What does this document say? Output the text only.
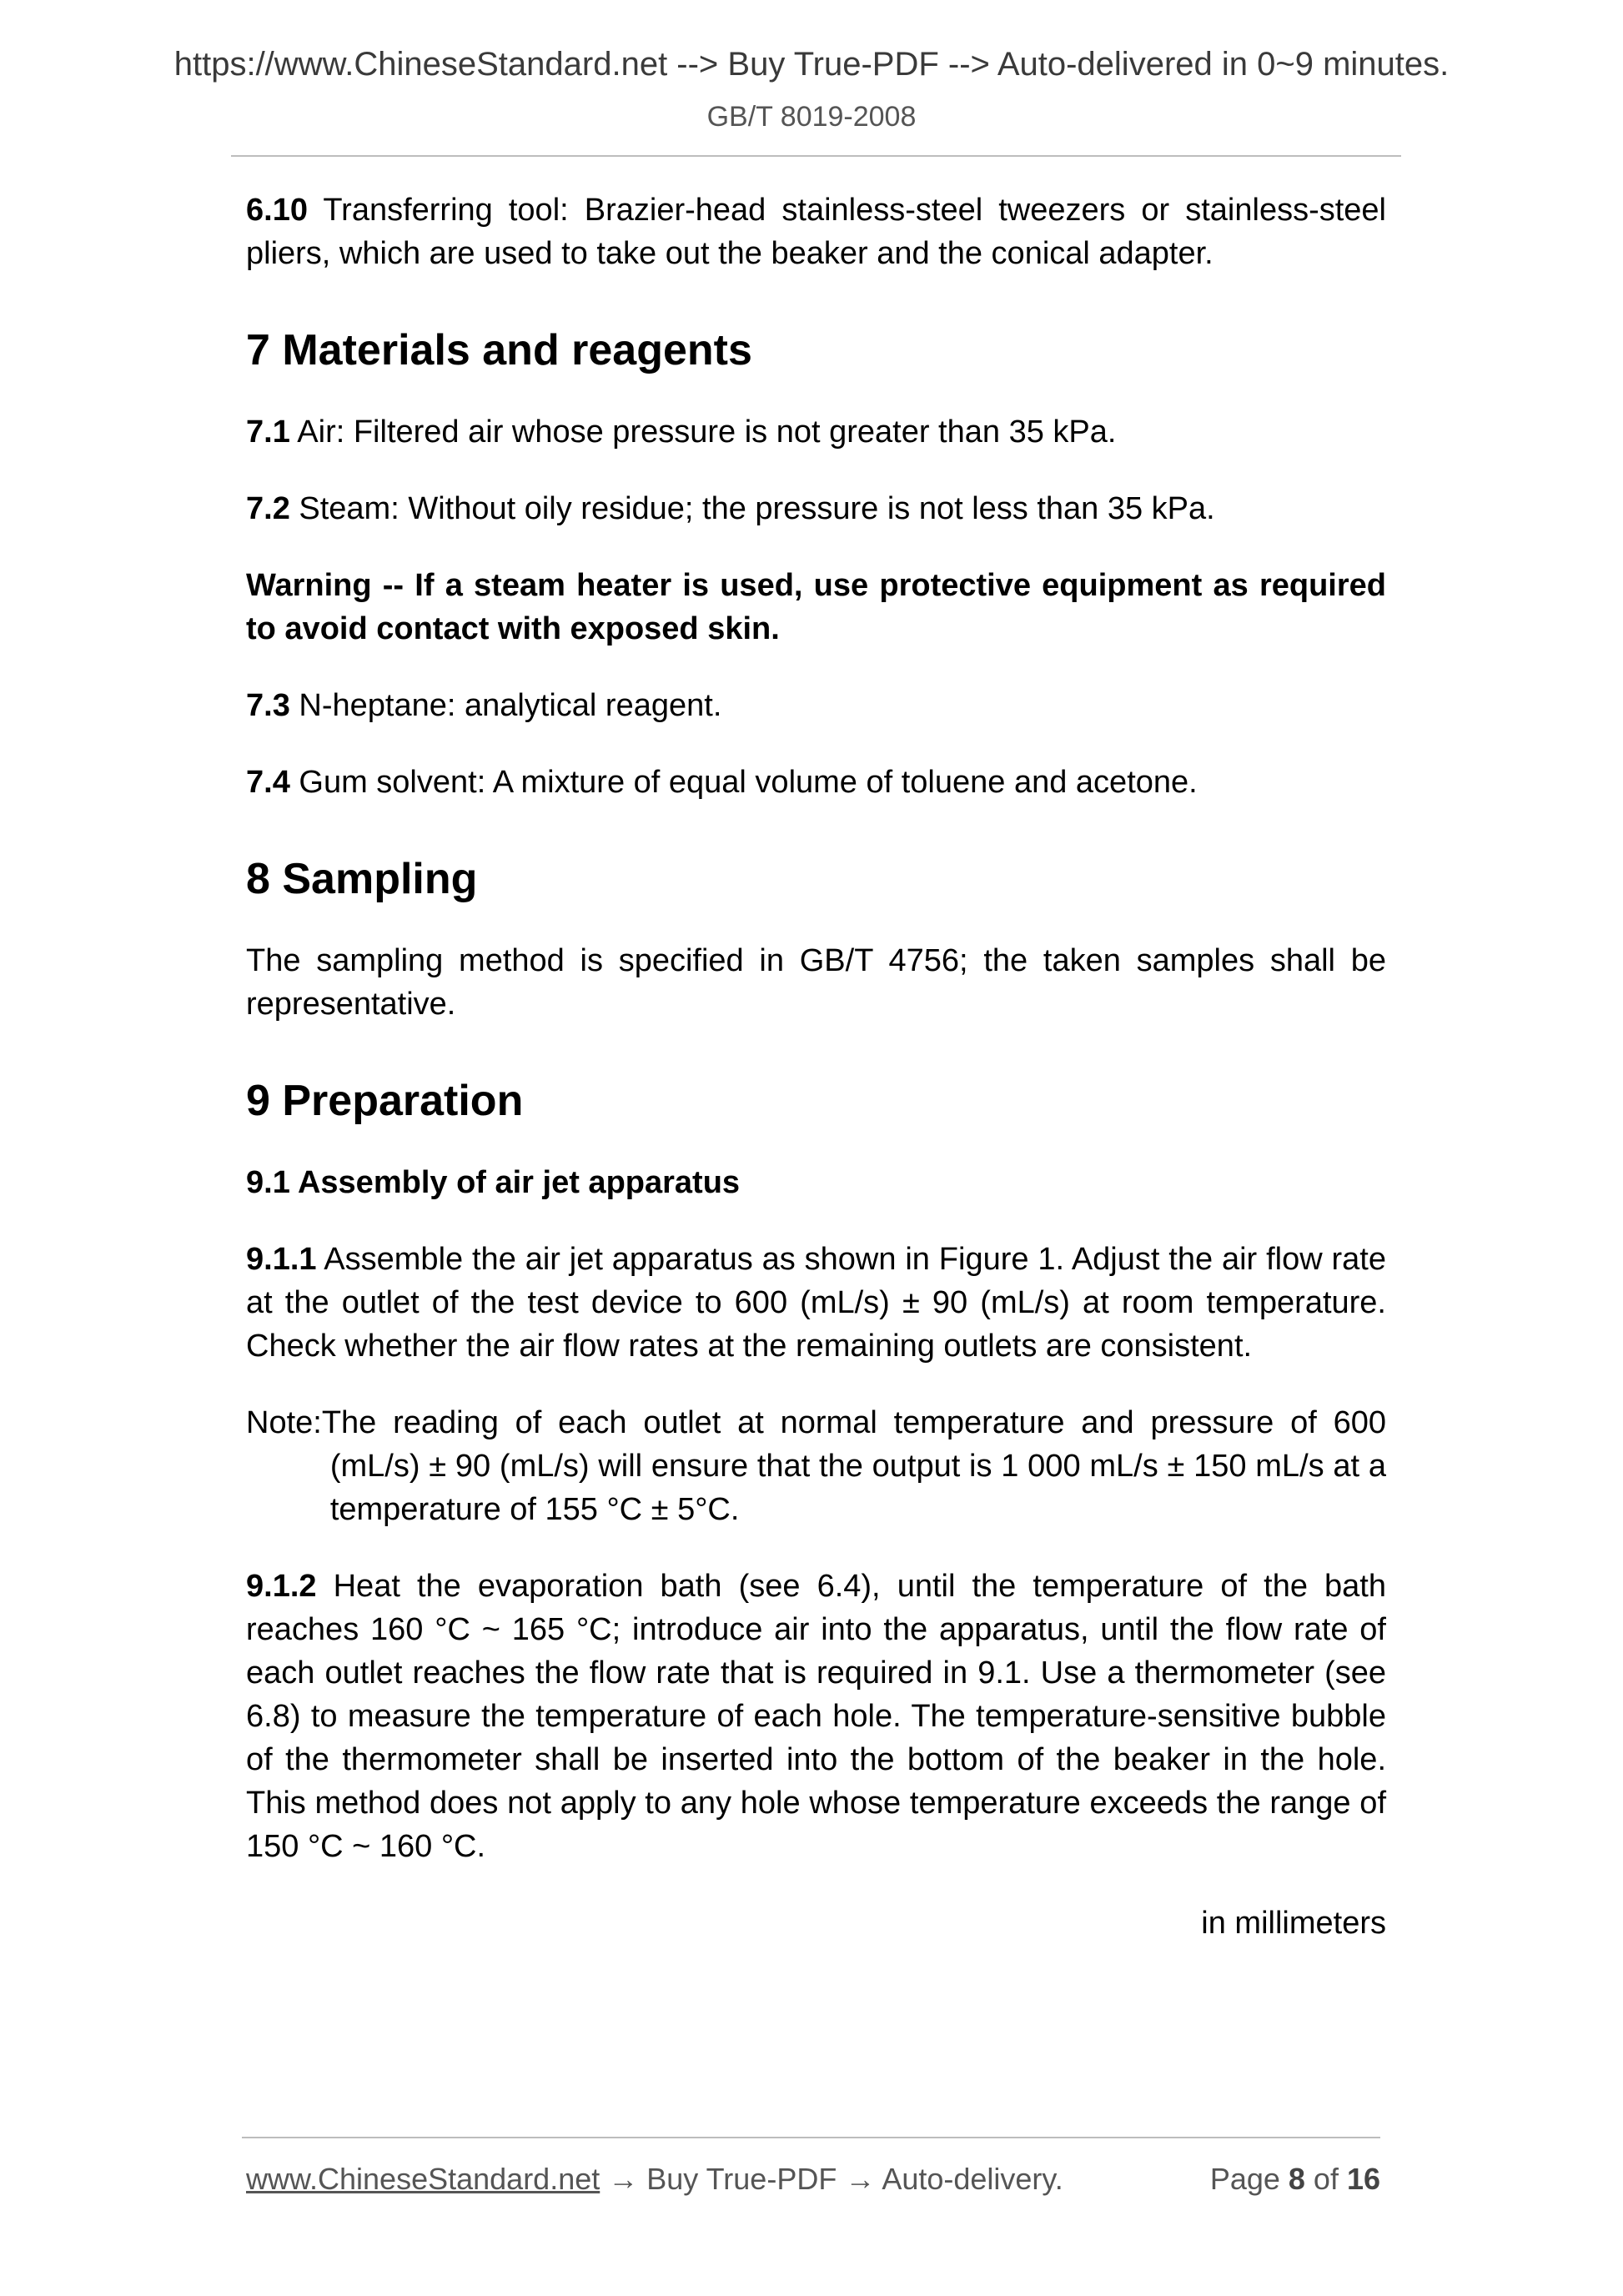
https://www.ChineseStandard.net --> Buy True-PDF --> Auto-delivered in 0~9 minutes.
GB/T 8019-2008

6.10 Transferring tool: Brazier-head stainless-steel tweezers or stainless-steel pliers, which are used to take out the beaker and the conical adapter.

7 Materials and reagents

7.1 Air: Filtered air whose pressure is not greater than 35 kPa.

7.2 Steam: Without oily residue; the pressure is not less than 35 kPa.

Warning -- If a steam heater is used, use protective equipment as required to avoid contact with exposed skin.

7.3 N-heptane: analytical reagent.

7.4 Gum solvent: A mixture of equal volume of toluene and acetone.

8 Sampling

The sampling method is specified in GB/T 4756; the taken samples shall be representative.

9 Preparation
9.1 Assembly of air jet apparatus

9.1.1 Assemble the air jet apparatus as shown in Figure 1. Adjust the air flow rate at the outlet of the test device to 600 (mL/s) ± 90 (mL/s) at room temperature. Check whether the air flow rates at the remaining outlets are consistent.

Note: The reading of each outlet at normal temperature and pressure of 600 (mL/s) ± 90 (mL/s) will ensure that the output is 1 000 mL/s ± 150 mL/s at a temperature of 155 °C ± 5°C.

9.1.2 Heat the evaporation bath (see 6.4), until the temperature of the bath reaches 160 °C ~ 165 °C; introduce air into the apparatus, until the flow rate of each outlet reaches the flow rate that is required in 9.1. Use a thermometer (see 6.8) to measure the temperature of each hole. The temperature-sensitive bubble of the thermometer shall be inserted into the bottom of the beaker in the hole. This method does not apply to any hole whose temperature exceeds the range of 150 °C ~ 160 °C.

in millimeters

www.ChineseStandard.net → Buy True-PDF → Auto-delivery.	Page 8 of 16
